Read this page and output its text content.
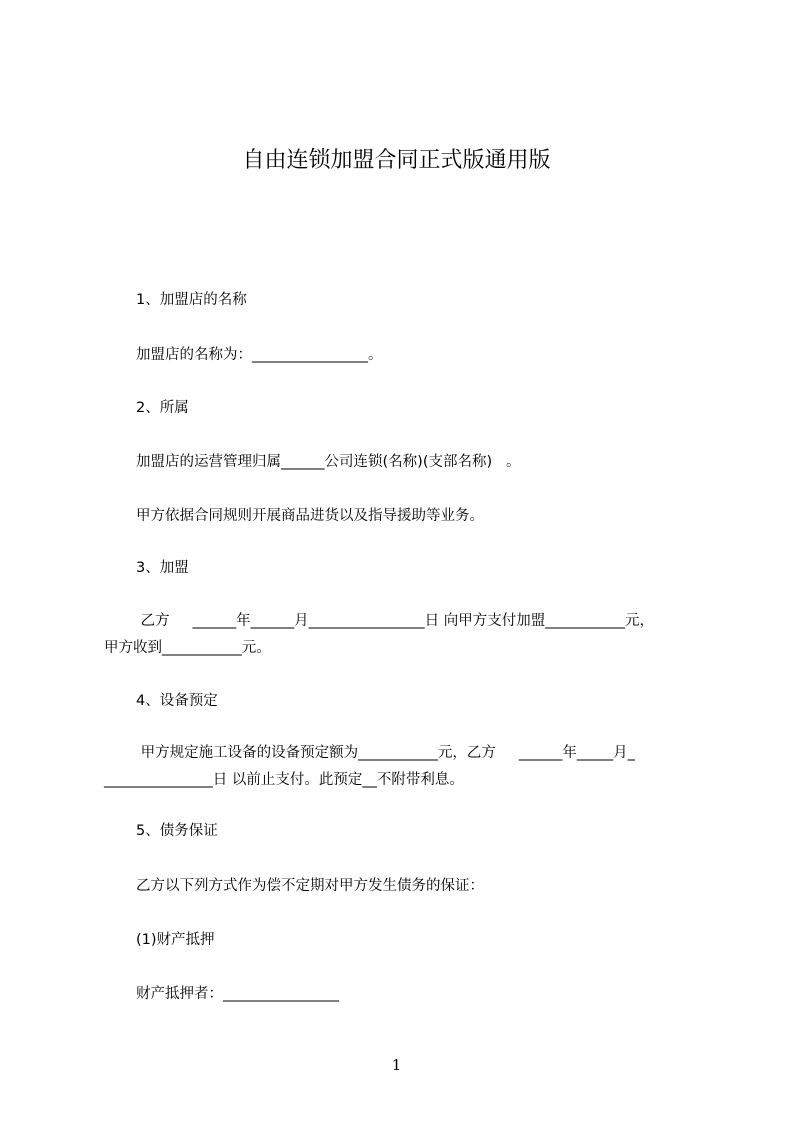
自由连锁加盟合同正式版通用版
1、加盟店的名称
加盟店的名称为：________________。
2、所属
加盟店的运营管理归属______公司连锁(名称)(支部名称)   。
甲方依据合同规则开展商品进货以及指导援助等业务。
3、加盟
乙方     ______年______月________________日 向甲方支付加盟___________元，
甲方收到___________元。
4、设备预定
甲方规定施工设备的设备预定额为___________元，乙方     ______年_____月_
_______________日 以前止支付。此预定__不附带利息。
5、债务保证
乙方以下列方式作为偿不定期对甲方发生债务的保证：
(1)财产抵押
财产抵押者：________________
1
